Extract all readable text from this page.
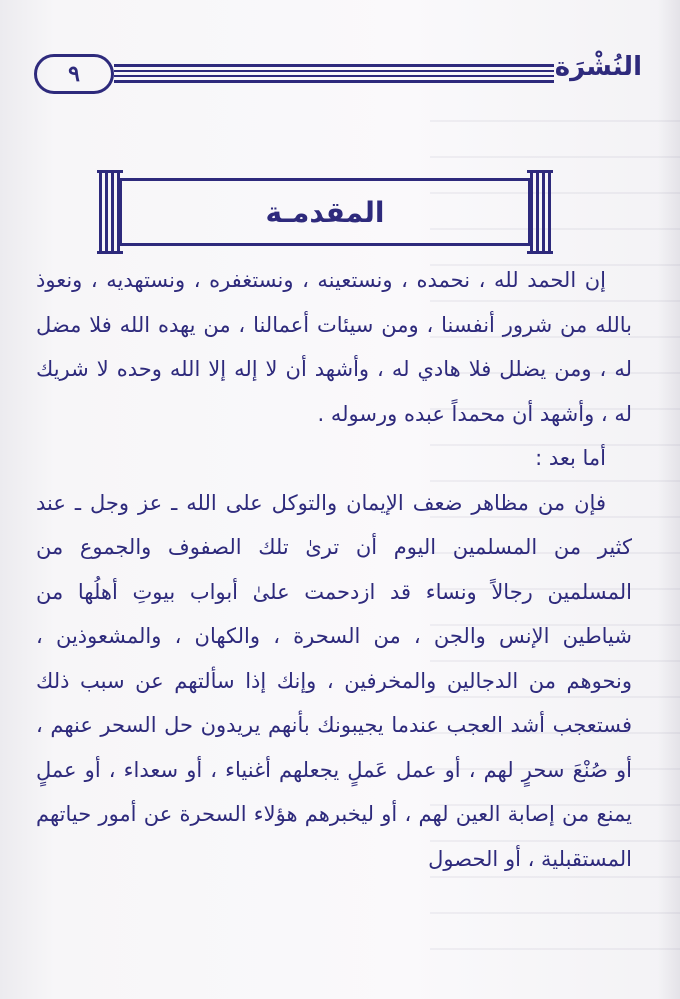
٩	النُشْرَة
المقدمـة

إن الحمد لله ، نحمده ، ونستعينه ، ونستغفره ، ونستهديه ، ونعوذ بالله من شرور أنفسنا ، ومن سيئات أعمالنا ، من يهده الله فلا مضل له ، ومن يضلل فلا هادي له ، وأشهد أن لا إله إلا الله وحده لا شريك له ، وأشهد أن محمداً عبده ورسوله .

أما بعد :

فإن من مظاهر ضعف الإيمان والتوكل على الله ـ عز وجل ـ عند كثير من المسلمين اليوم أن ترىٰ تلك الصفوف والجموع من المسلمين رجالاً ونساء قد ازدحمت علىٰ أبواب بيوتِ أهلُها من شياطين الإنس والجن ، من السحرة ، والكهان ، والمشعوذين ، ونحوهم من الدجالين والمخرفين ، وإنك إذا سألتهم عن سبب ذلك فستعجب أشد العجب عندما يجيبونك بأنهم يريدون حل السحر عنهم ، أو صُنْعَ سحرٍ لهم ، أو عمل عَملٍ يجعلهم أغنياء ، أو سعداء ، أو عملٍ يمنع من إصابة العين لهم ، أو ليخبرهم هؤلاء السحرة عن أمور حياتهم المستقبلية ، أو الحصول
